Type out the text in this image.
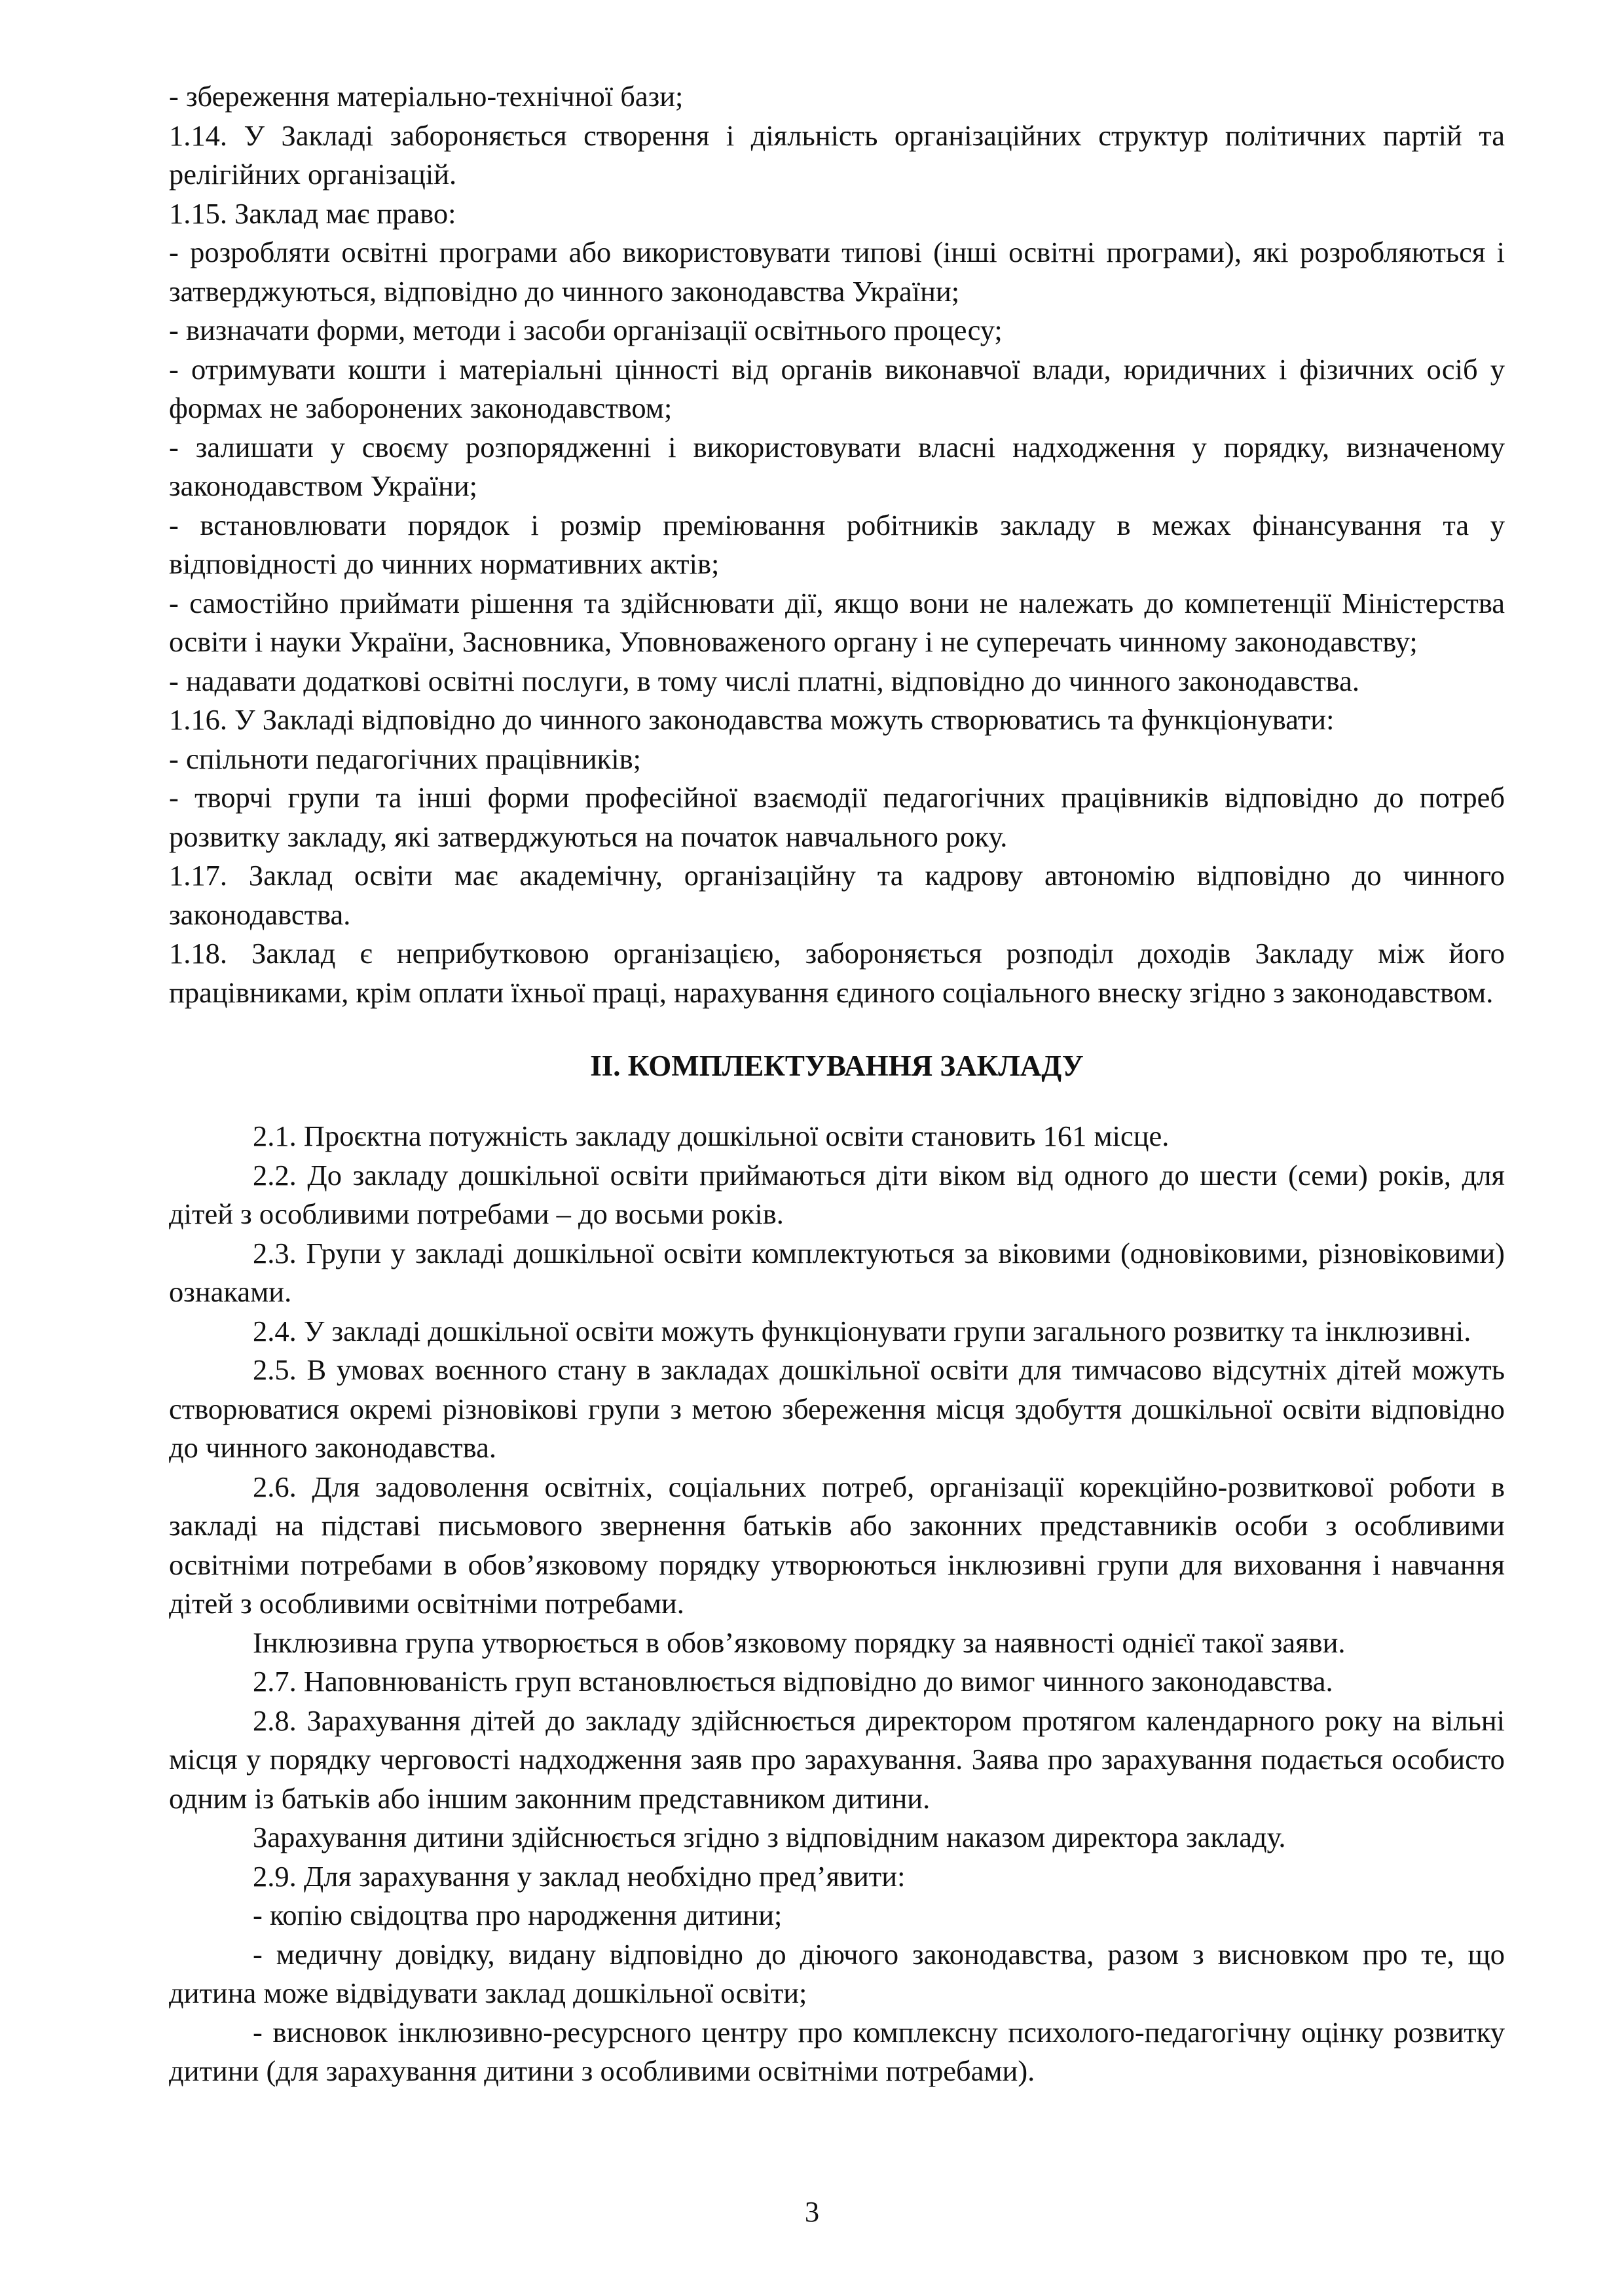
- збереження матеріально-технічної бази;

1.14. У Закладі забороняється створення і діяльність організаційних структур політичних партій та релігійних організацій.

1.15. Заклад має право:

- розробляти освітні програми або використовувати типові (інші освітні програми), які розробляються і затверджуються, відповідно до чинного законодавства України;

- визначати форми, методи і засоби організації освітнього процесу;

- отримувати кошти і матеріальні цінності від органів виконавчої влади, юридичних і фізичних осіб у формах не заборонених законодавством;

- залишати у своєму розпорядженні і використовувати власні надходження у порядку, визначеному законодавством України;

- встановлювати порядок і розмір преміювання робітників закладу в межах фінансування та у відповідності до чинних нормативних актів;

- самостійно приймати рішення та здійснювати дії, якщо вони не належать до компетенції Міністерства освіти і науки України, Засновника, Уповноваженого органу і не суперечать чинному законодавству;

- надавати додаткові освітні послуги, в тому числі платні, відповідно до чинного законодавства.

1.16. У Закладі відповідно до чинного законодавства можуть створюватись та функціонувати:

- спільноти педагогічних працівників;

- творчі групи та інші форми професійної взаємодії педагогічних працівників відповідно до потреб розвитку закладу, які затверджуються на початок навчального року.

1.17. Заклад освіти має академічну, організаційну та кадрову автономію відповідно до чинного законодавства.

1.18. Заклад є неприбутковою організацією, забороняється розподіл доходів Закладу між його працівниками, крім оплати їхньої праці, нарахування єдиного соціального внеску згідно з законодавством.

ІІ. КОМПЛЕКТУВАННЯ ЗАКЛАДУ

2.1. Проєктна потужність закладу дошкільної освіти становить 161 місце.

2.2. До закладу дошкільної освіти приймаються діти віком від одного до шести (семи) років, для дітей з особливими потребами – до восьми років.

2.3. Групи у закладі дошкільної освіти комплектуються за віковими (одновіковими, різновіковими) ознаками.

2.4. У закладі дошкільної освіти можуть функціонувати групи загального розвитку та інклюзивні.

2.5. В умовах воєнного стану в закладах дошкільної освіти для тимчасово відсутніх дітей можуть створюватися окремі різновікові групи з метою збереження місця здобуття дошкільної освіти відповідно до чинного законодавства.

2.6. Для задоволення освітніх, соціальних потреб, організації корекційно-розвиткової роботи в закладі на підставі письмового звернення батьків або законних представників особи з особливими освітніми потребами в обов’язковому порядку утворюються інклюзивні групи для виховання і навчання дітей з особливими освітніми потребами.

Інклюзивна група утворюється в обов’язковому порядку за наявності однієї такої заяви.

2.7. Наповнюваність груп встановлюється відповідно до вимог чинного законодавства.

2.8. Зарахування дітей до закладу здійснюється директором протягом календарного року на вільні місця у порядку черговості надходження заяв про зарахування. Заява про зарахування подається особисто одним із батьків або іншим законним представником дитини.

Зарахування дитини здійснюється згідно з відповідним наказом директора закладу.

2.9. Для зарахування у заклад необхідно пред’явити:

- копію свідоцтва про народження дитини;

- медичну довідку, видану відповідно до діючого законодавства, разом з висновком про те, що дитина може відвідувати заклад дошкільної освіти;

- висновок інклюзивно-ресурсного центру про комплексну психолого-педагогічну оцінку розвитку дитини (для зарахування дитини з особливими освітніми потребами).

3
